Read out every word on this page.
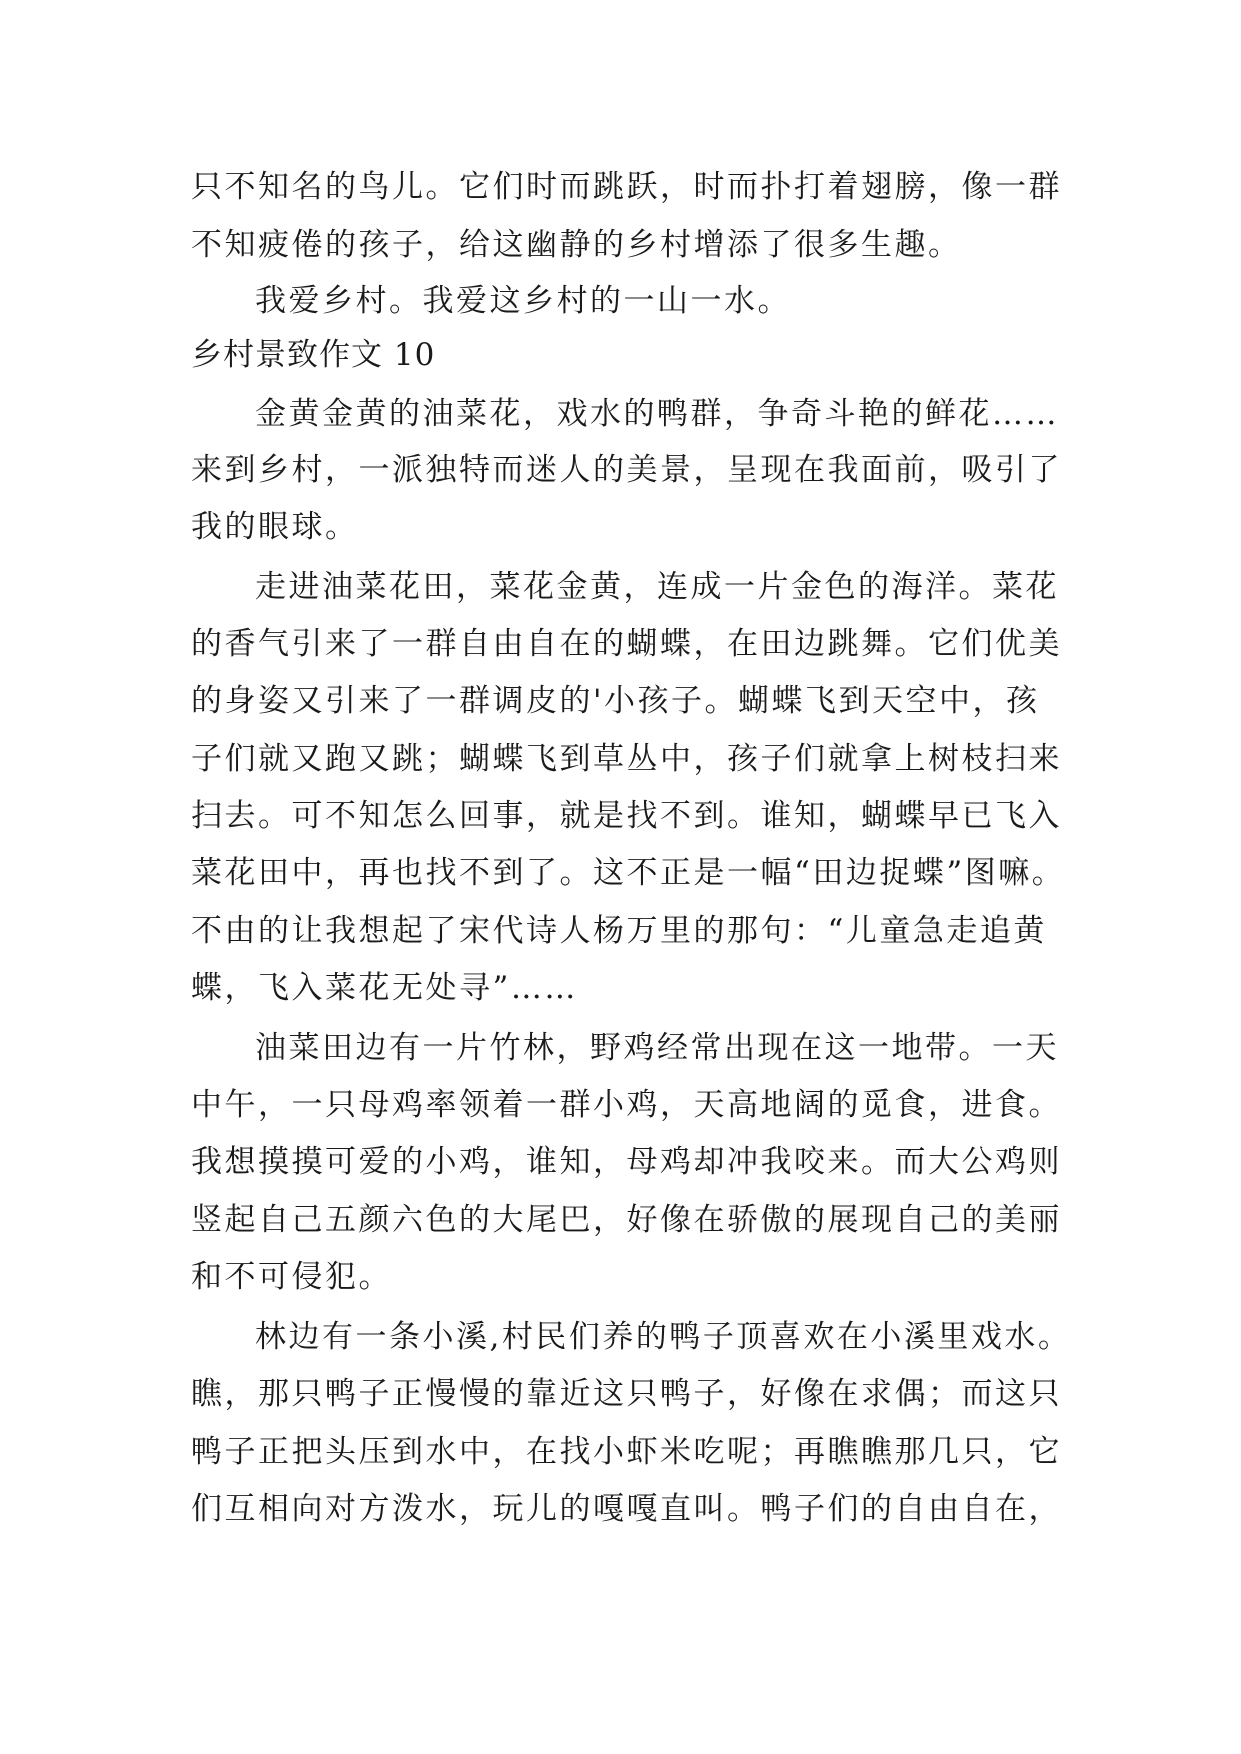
只不知名的鸟儿。它们时而跳跃，时而扑打着翅膀，像一群
不知疲倦的孩子，给这幽静的乡村增添了很多生趣。
我爱乡村。我爱这乡村的一山一水。
乡村景致作文 10
金黄金黄的油菜花，戏水的鸭群，争奇斗艳的鲜花……
来到乡村，一派独特而迷人的美景，呈现在我面前，吸引了
我的眼球。
走进油菜花田，菜花金黄，连成一片金色的海洋。菜花
的香气引来了一群自由自在的蝴蝶，在田边跳舞。它们优美
的身姿又引来了一群调皮的'小孩子。蝴蝶飞到天空中，孩
子们就又跑又跳；蝴蝶飞到草丛中，孩子们就拿上树枝扫来
扫去。可不知怎么回事，就是找不到。谁知，蝴蝶早已飞入
菜花田中，再也找不到了。这不正是一幅“田边捉蝶”图嘛。
不由的让我想起了宋代诗人杨万里的那句：“儿童急走追黄
蝶，飞入菜花无处寻”……
油菜田边有一片竹林，野鸡经常出现在这一地带。一天
中午，一只母鸡率领着一群小鸡，天高地阔的觅食，进食。
我想摸摸可爱的小鸡，谁知，母鸡却冲我咬来。而大公鸡则
竖起自己五颜六色的大尾巴，好像在骄傲的展现自己的美丽
和不可侵犯。
林边有一条小溪,村民们养的鸭子顶喜欢在小溪里戏水。
瞧，那只鸭子正慢慢的靠近这只鸭子，好像在求偶；而这只
鸭子正把头压到水中，在找小虾米吃呢；再瞧瞧那几只，它
们互相向对方泼水，玩儿的嘎嘎直叫。鸭子们的自由自在，
